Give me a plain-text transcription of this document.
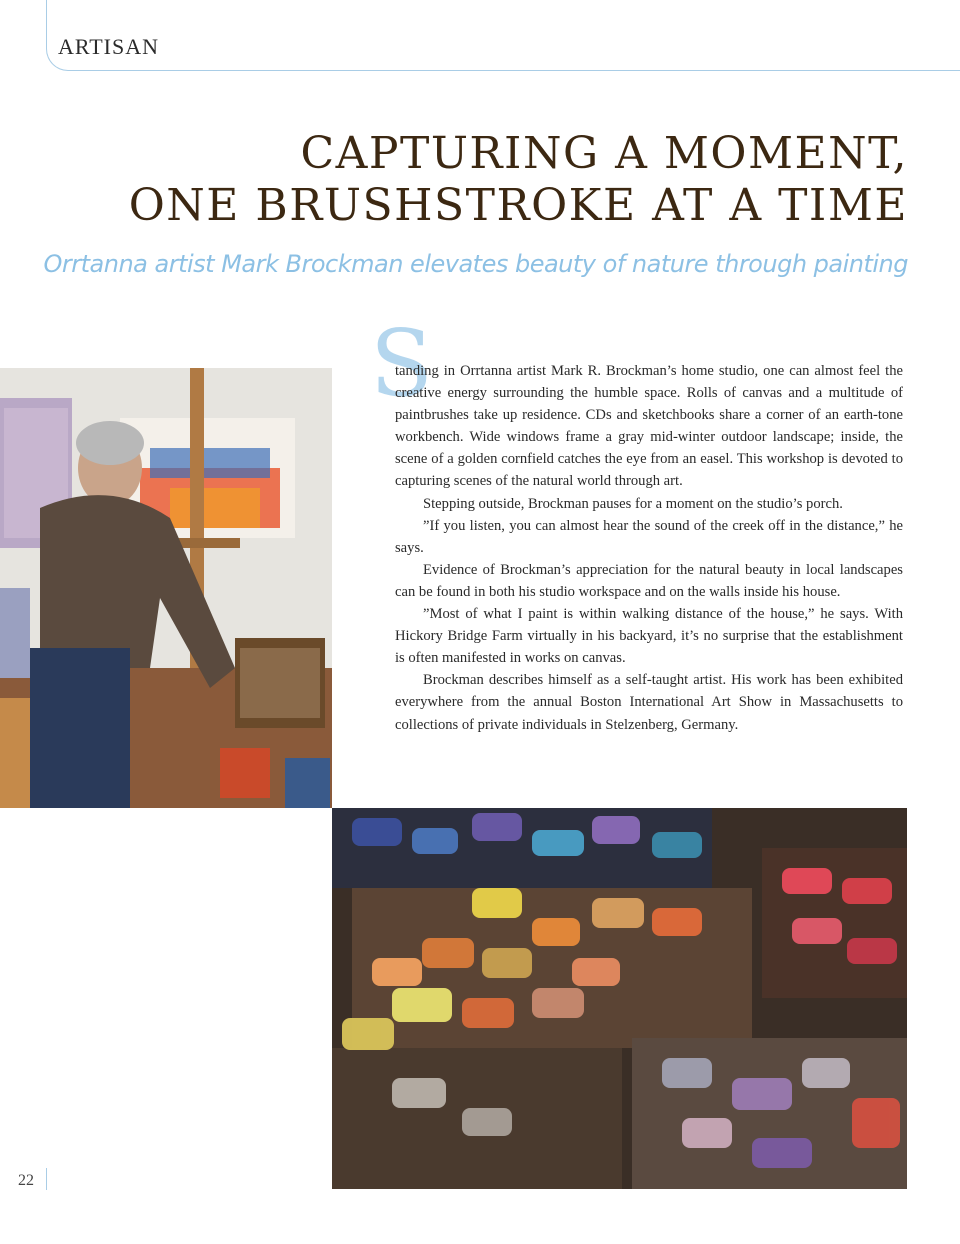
ARTISAN
CAPTURING A MOMENT,
ONE BRUSHSTROKE AT A TIME
Orrtanna artist Mark Brockman elevates beauty of nature through painting
S

tanding in Orrtanna artist Mark R. Brockman’s home studio, one can almost feel the creative energy surrounding the humble space. Rolls of canvas and a multitude of paintbrushes take up residence. CDs and sketchbooks share a corner of an earth-tone workbench. Wide windows frame a gray mid-winter outdoor landscape; inside, the scene of a golden cornfield catches the eye from an easel. This workshop is devoted to capturing scenes of the natural world through art.

Stepping outside, Brockman pauses for a moment on the studio’s porch.

”If you listen, you can almost hear the sound of the creek off in the distance,” he says.

Evidence of Brockman’s appreciation for the natural beauty in local landscapes can be found in both his studio workspace and on the walls inside his house.

”Most of what I paint is within walking distance of the house,” he says. With Hickory Bridge Farm virtually in his backyard, it’s no surprise that the establishment is often manifested in works on canvas.

Brockman describes himself as a self-taught artist. His work has been exhibited everywhere from the annual Boston International Art Show in Massachusetts to collections of private individuals in Stelzenberg, Germany.

22
